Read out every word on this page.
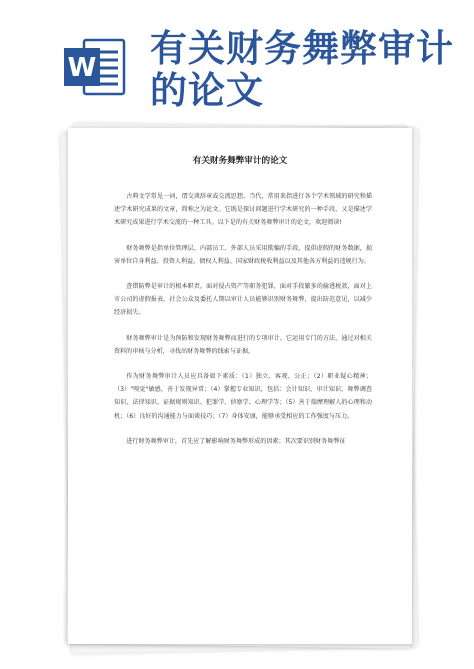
W 有关财务舞弊审计的论文
有关财务舞弊审计的论文

古典文学常见一词，谓交谈辞章或交流思想。当代，常用来指进行各个学术领域的研究和描述学术研究成果的文章，简称之为论文。它既是探讨问题进行学术研究的一种手段，又是描述学术研究成果进行学术交流的一种工具。以下是的有关财务舞弊审计的论文，欢迎阅读!

财务舞弊是指单位管理层、内部员工、外部人员采用欺骗的手段，提供虚假的财务数据，损害单位自身利益、投资人利益、债权人利益、国家财政税收利益以及其他各方利益的违规行为。

查错防弊是审计的根本职责。面对侵占资产等职务犯罪，面对手段繁多的偷逃税款，面对上市公司的虚假报表，社会公众及委托人期以审计人员能够识别财务舞弊，提出防范意见，以减少经济损失。

财务舞弊审计是为预防和发现财务舞弊而进行的专项审计。它运用专门的方法，通过对相关资料的审核与分析，寻找出财务舞弊的线索与证据。

作为财务舞弊审计人员应具备如下素质：（1）独立、客观、公正；（2）职业疑心精神；（3）"嗅觉"敏感，善于发现异常；（4）掌握专业知识，包括：会计知识、审计知识、舞弊调查知识、法律知识、证据规则知识、犯罪学、侦察学、心理学等；（5）善于揣摩理解人的心理和动机；（6）良好的沟通能力与面谈技巧；（7）身体安康，能够承受相应的工作强度与压力。

进行财务舞弊审计，首先应了解影响财务舞弊形成的因素；其次要识别财务舞弊征
